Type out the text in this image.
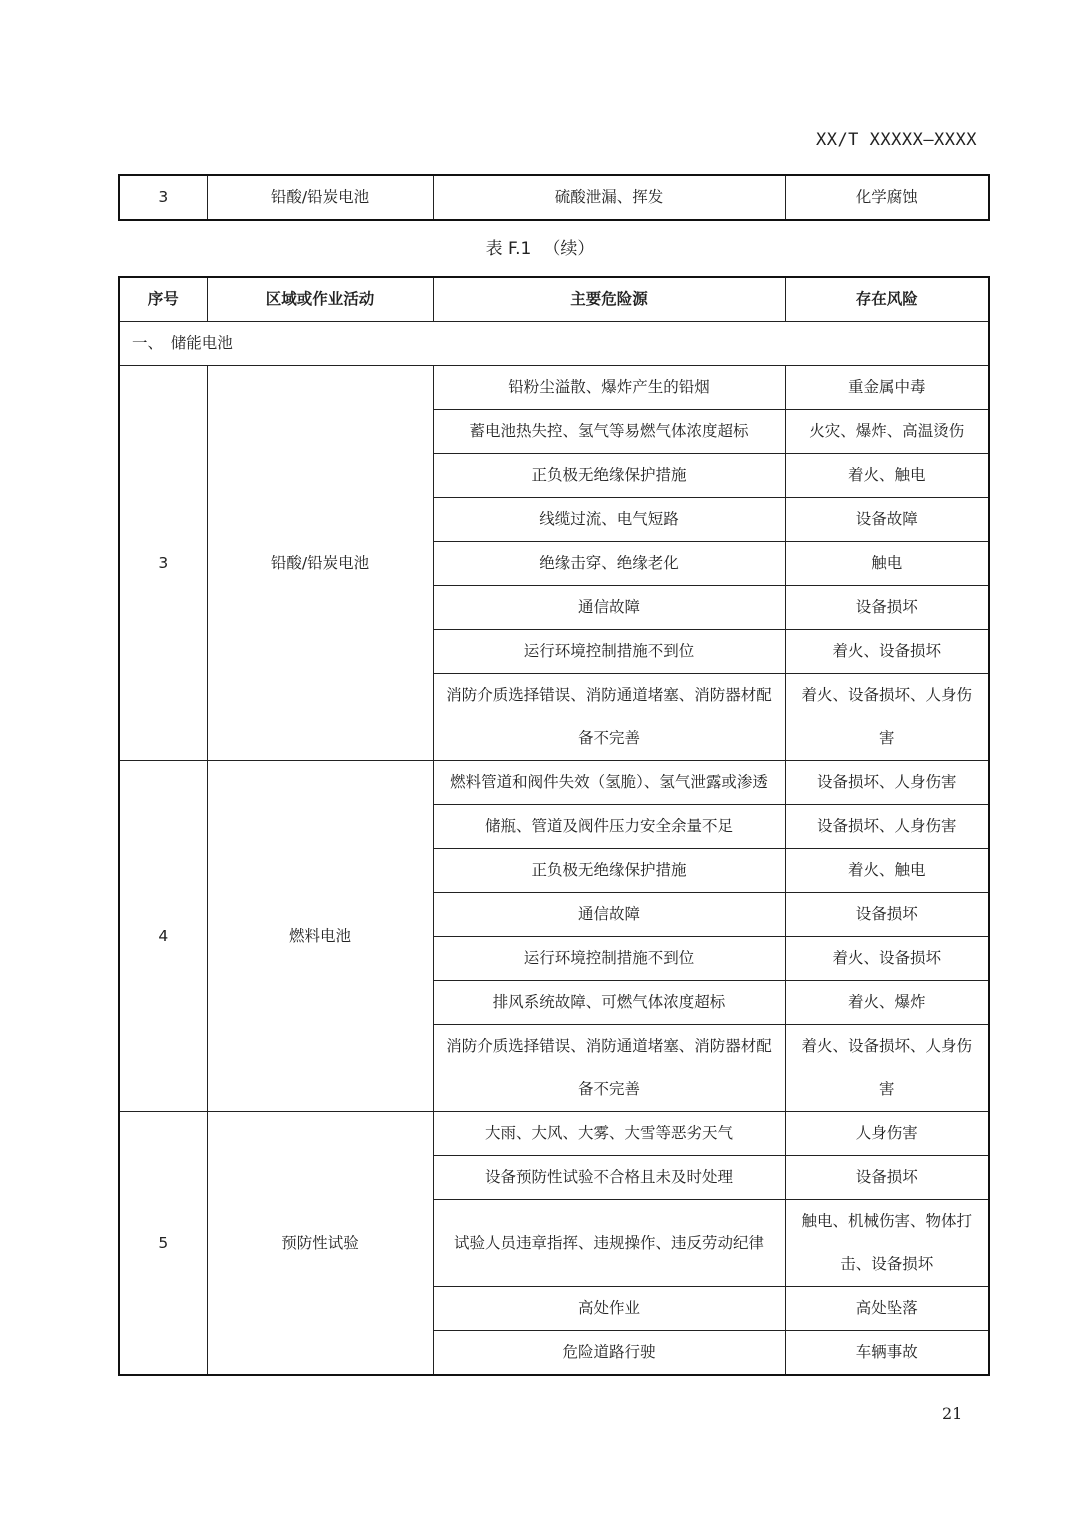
XX/T XXXXX—XXXX
3	铅酸/铅炭电池	硫酸泄漏、挥发	化学腐蚀
表 F.1 （续）
序号	区域或作业活动	主要危险源	存在风险
一、　储能电池			
3	铅酸/铅炭电池	铅粉尘溢散、爆炸产生的铅烟	重金属中毒
		蓄电池热失控、氢气等易燃气体浓度超标	火灾、爆炸、高温烫伤
		正负极无绝缘保护措施	着火、触电
		线缆过流、电气短路	设备故障
		绝缘击穿、绝缘老化	触电
		通信故障	设备损坏
		运行环境控制措施不到位	着火、设备损坏
		消防介质选择错误、消防通道堵塞、消防器材配备不完善	着火、设备损坏、人身伤害
4	燃料电池	燃料管道和阀件失效（氢脆）、氢气泄露或渗透	设备损坏、人身伤害
		储瓶、管道及阀件压力安全余量不足	设备损坏、人身伤害
		正负极无绝缘保护措施	着火、触电
		通信故障	设备损坏
		运行环境控制措施不到位	着火、设备损坏
		排风系统故障、可燃气体浓度超标	着火、爆炸
		消防介质选择错误、消防通道堵塞、消防器材配备不完善	着火、设备损坏、人身伤害
5	预防性试验	大雨、大风、大雾、大雪等恶劣天气	人身伤害
		设备预防性试验不合格且未及时处理	设备损坏
		试验人员违章指挥、违规操作、违反劳动纪律	触电、机械伤害、物体打击、设备损坏
		高处作业	高处坠落
		危险道路行驶	车辆事故
21
